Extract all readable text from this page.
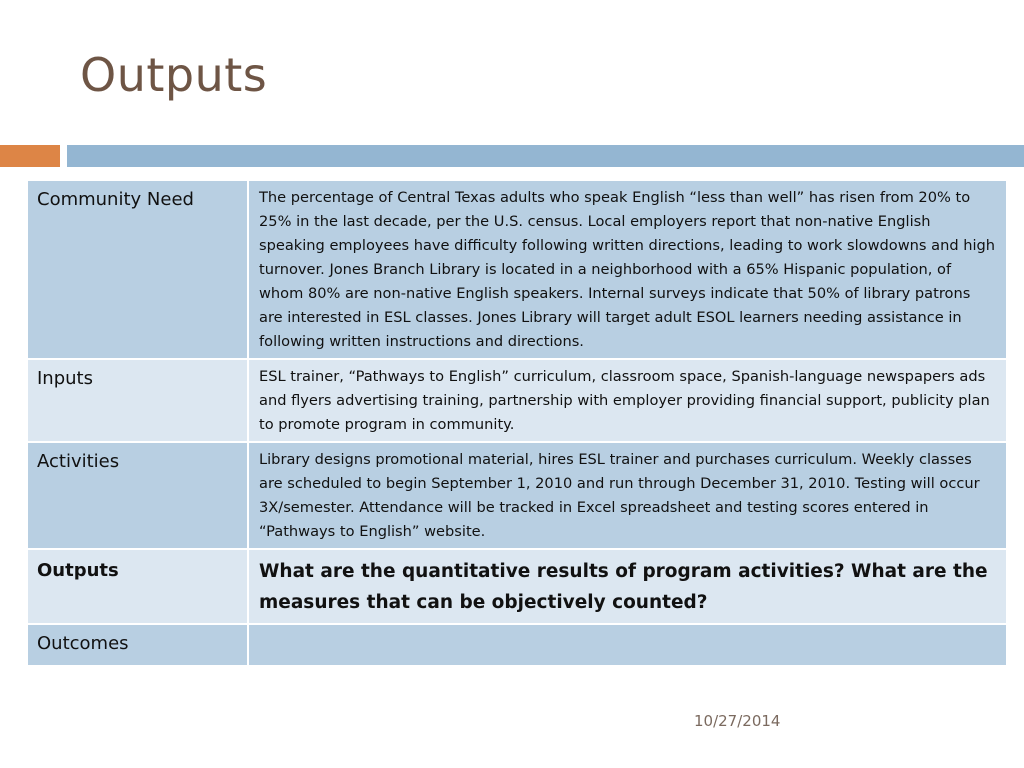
Outputs
Community Need	The percentage of Central Texas adults who speak English “less than well” has risen from 20% to 25% in the last decade, per the U.S. census. Local employers report that non-native English speaking employees have difficulty following written directions, leading to work slowdowns and high turnover. Jones Branch Library is located in a neighborhood with a 65% Hispanic population, of whom 80% are non-native English speakers. Internal surveys indicate that 50% of library patrons are interested in ESL classes. Jones Library will target adult ESOL learners needing assistance in following written instructions and directions.
Inputs	ESL trainer, “Pathways to English” curriculum, classroom space, Spanish-language newspapers ads and flyers advertising training, partnership with employer providing financial support, publicity plan to promote program in community.
Activities	Library designs promotional material, hires ESL trainer and purchases curriculum. Weekly classes are scheduled to begin September 1, 2010 and run through December 31, 2010. Testing will occur 3X/semester. Attendance will be tracked in Excel spreadsheet and testing scores entered in “Pathways to English” website.
Outputs	What are the quantitative results of program activities? What are the measures that can be objectively counted?
Outcomes	
10/27/2014
